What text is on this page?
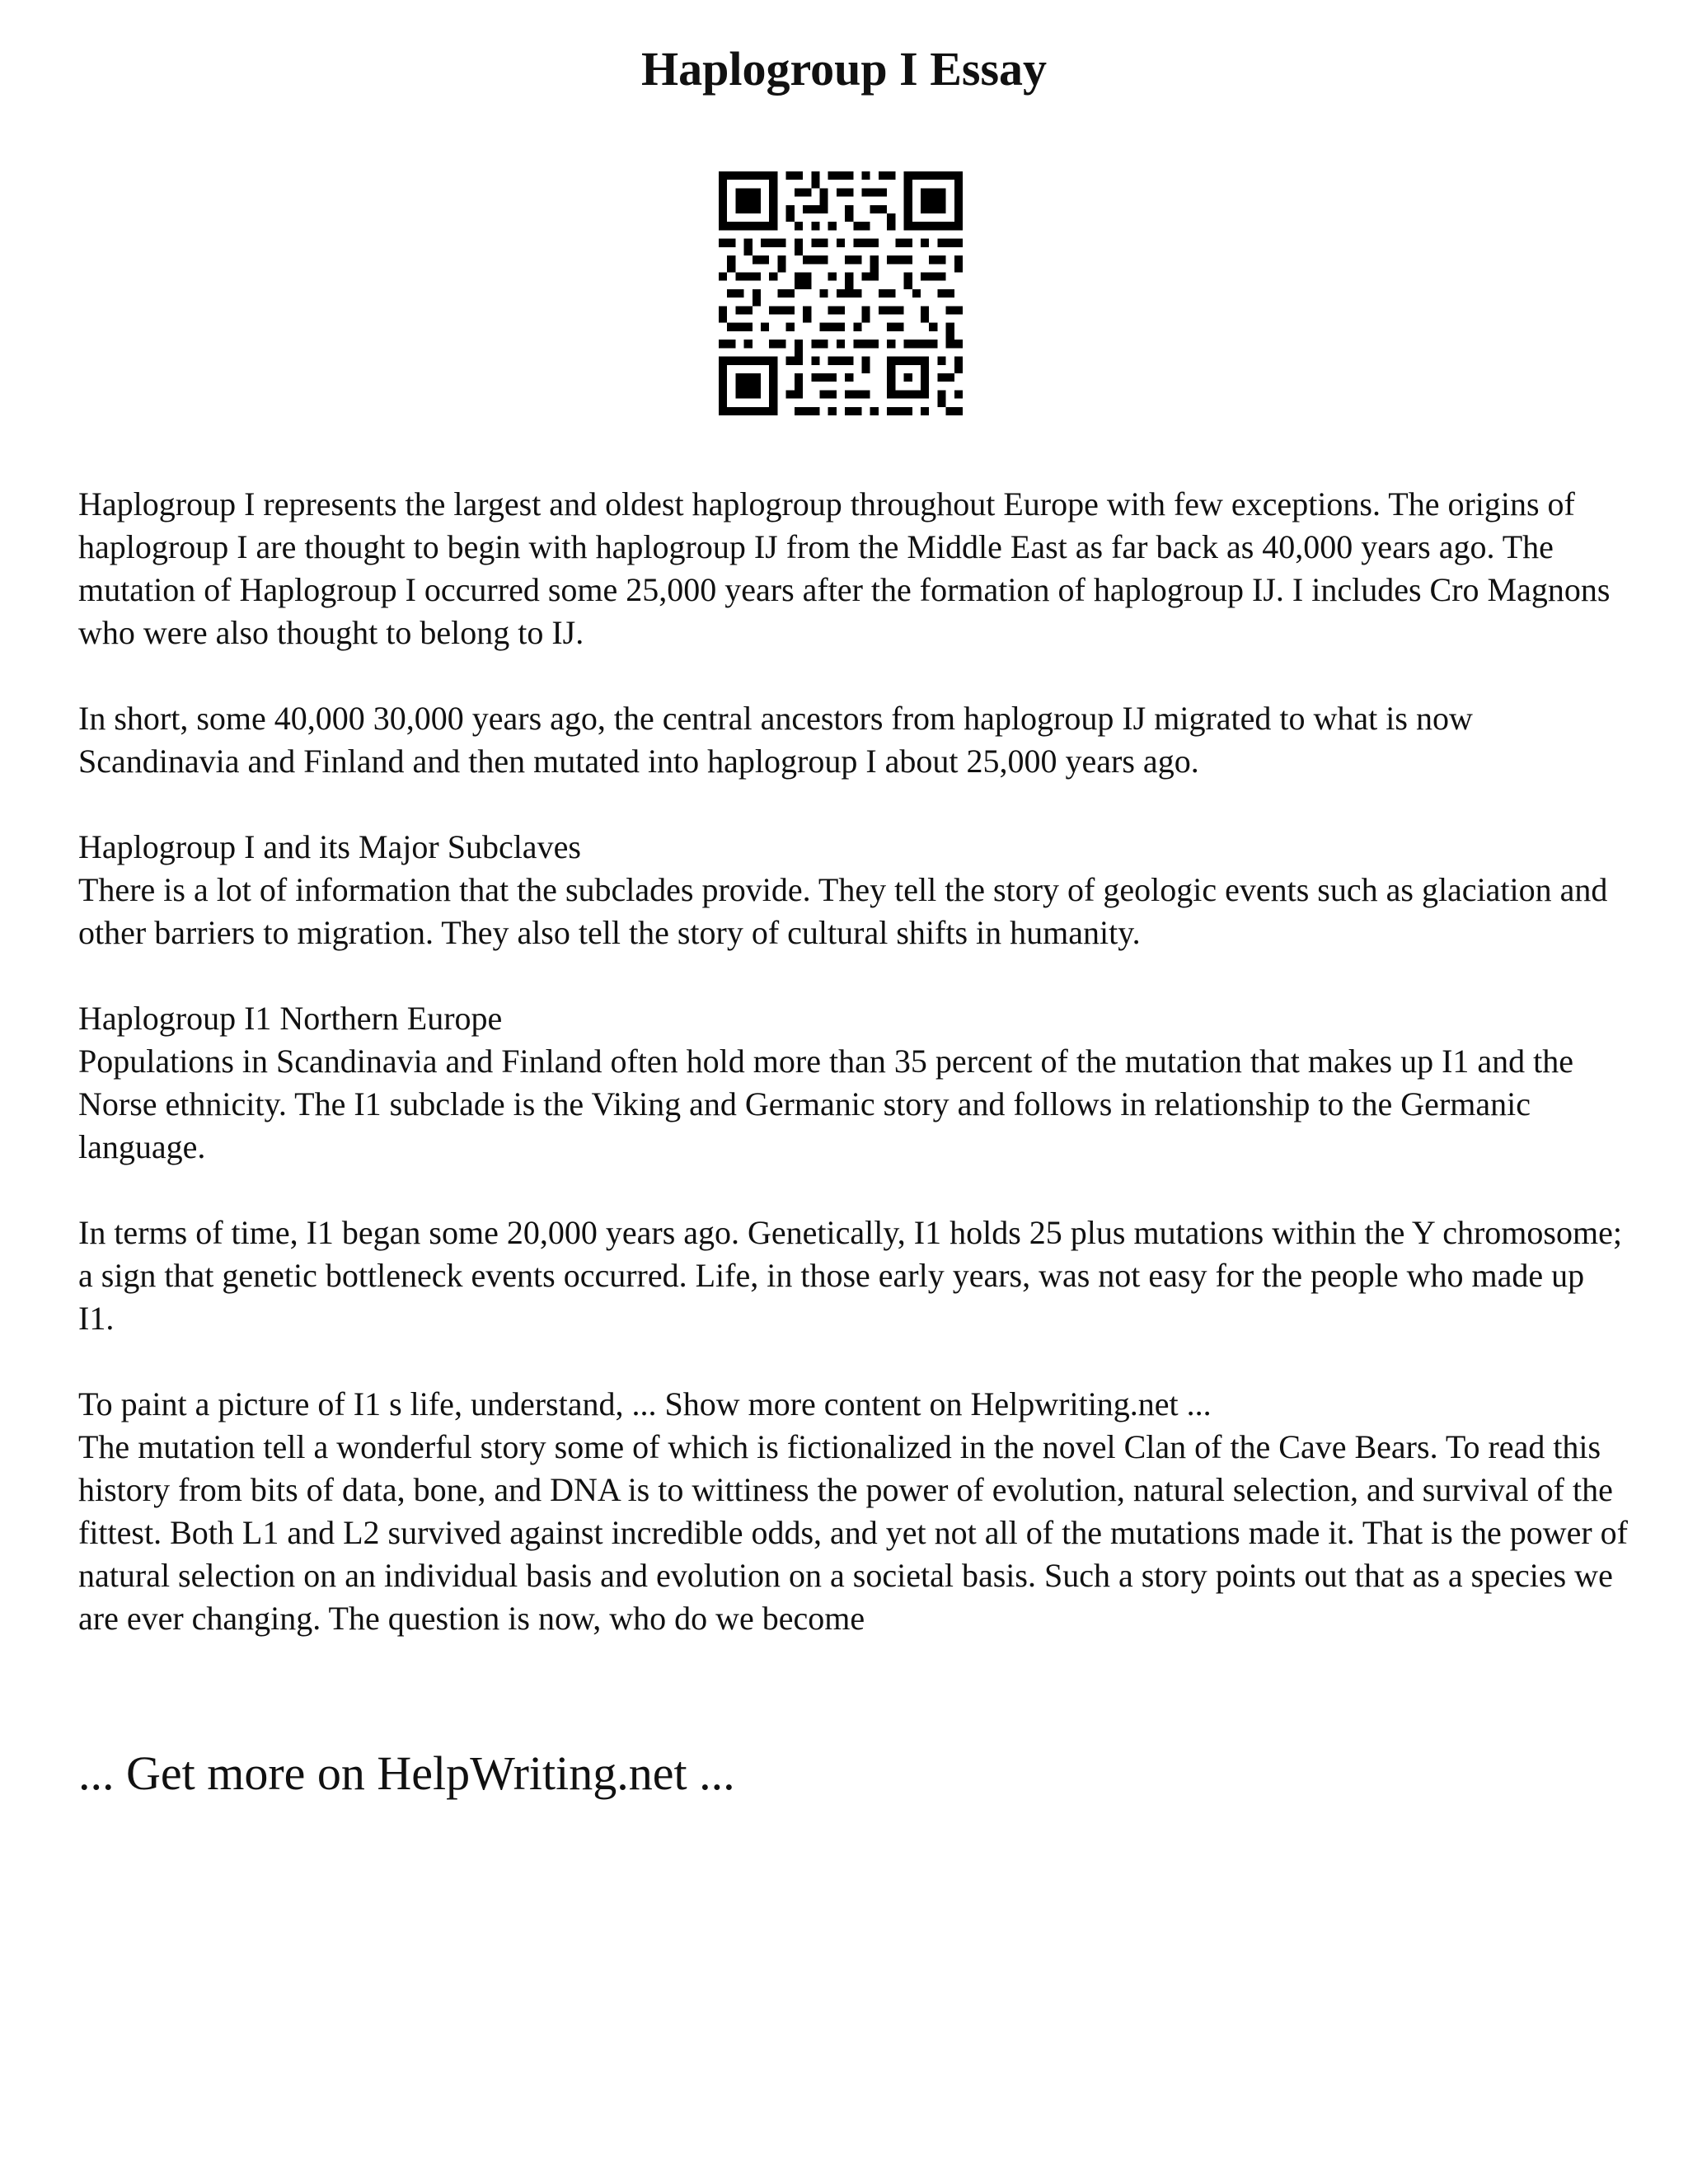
Haplogroup I Essay

Haplogroup I represents the largest and oldest haplogroup throughout Europe with few exceptions. The origins of haplogroup I are thought to begin with haplogroup IJ from the Middle East as far back as 40,000 years ago. The mutation of Haplogroup I occurred some 25,000 years after the formation of haplogroup IJ. I includes Cro Magnons who were also thought to belong to IJ.

In short, some 40,000 30,000 years ago, the central ancestors from haplogroup IJ migrated to what is now Scandinavia and Finland and then mutated into haplogroup I about 25,000 years ago.

Haplogroup I and its Major Subclaves

There is a lot of information that the subclades provide. They tell the story of geologic events such as glaciation and other barriers to migration. They also tell the story of cultural shifts in humanity.

Haplogroup I1 Northern Europe

Populations in Scandinavia and Finland often hold more than 35 percent of the mutation that makes up I1 and the Norse ethnicity. The I1 subclade is the Viking and Germanic story and follows in relationship to the Germanic language.

In terms of time, I1 began some 20,000 years ago. Genetically, I1 holds 25 plus mutations within the Y chromosome; a sign that genetic bottleneck events occurred. Life, in those early years, was not easy for the people who made up I1.

To paint a picture of I1 s life, understand, ... Show more content on Helpwriting.net ...

The mutation tell a wonderful story some of which is fictionalized in the novel Clan of the Cave Bears. To read this history from bits of data, bone, and DNA is to wittiness the power of evolution, natural selection, and survival of the fittest. Both L1 and L2 survived against incredible odds, and yet not all of the mutations made it. That is the power of natural selection on an individual basis and evolution on a societal basis. Such a story points out that as a species we are ever changing. The question is now, who do we become

... Get more on HelpWriting.net ...
